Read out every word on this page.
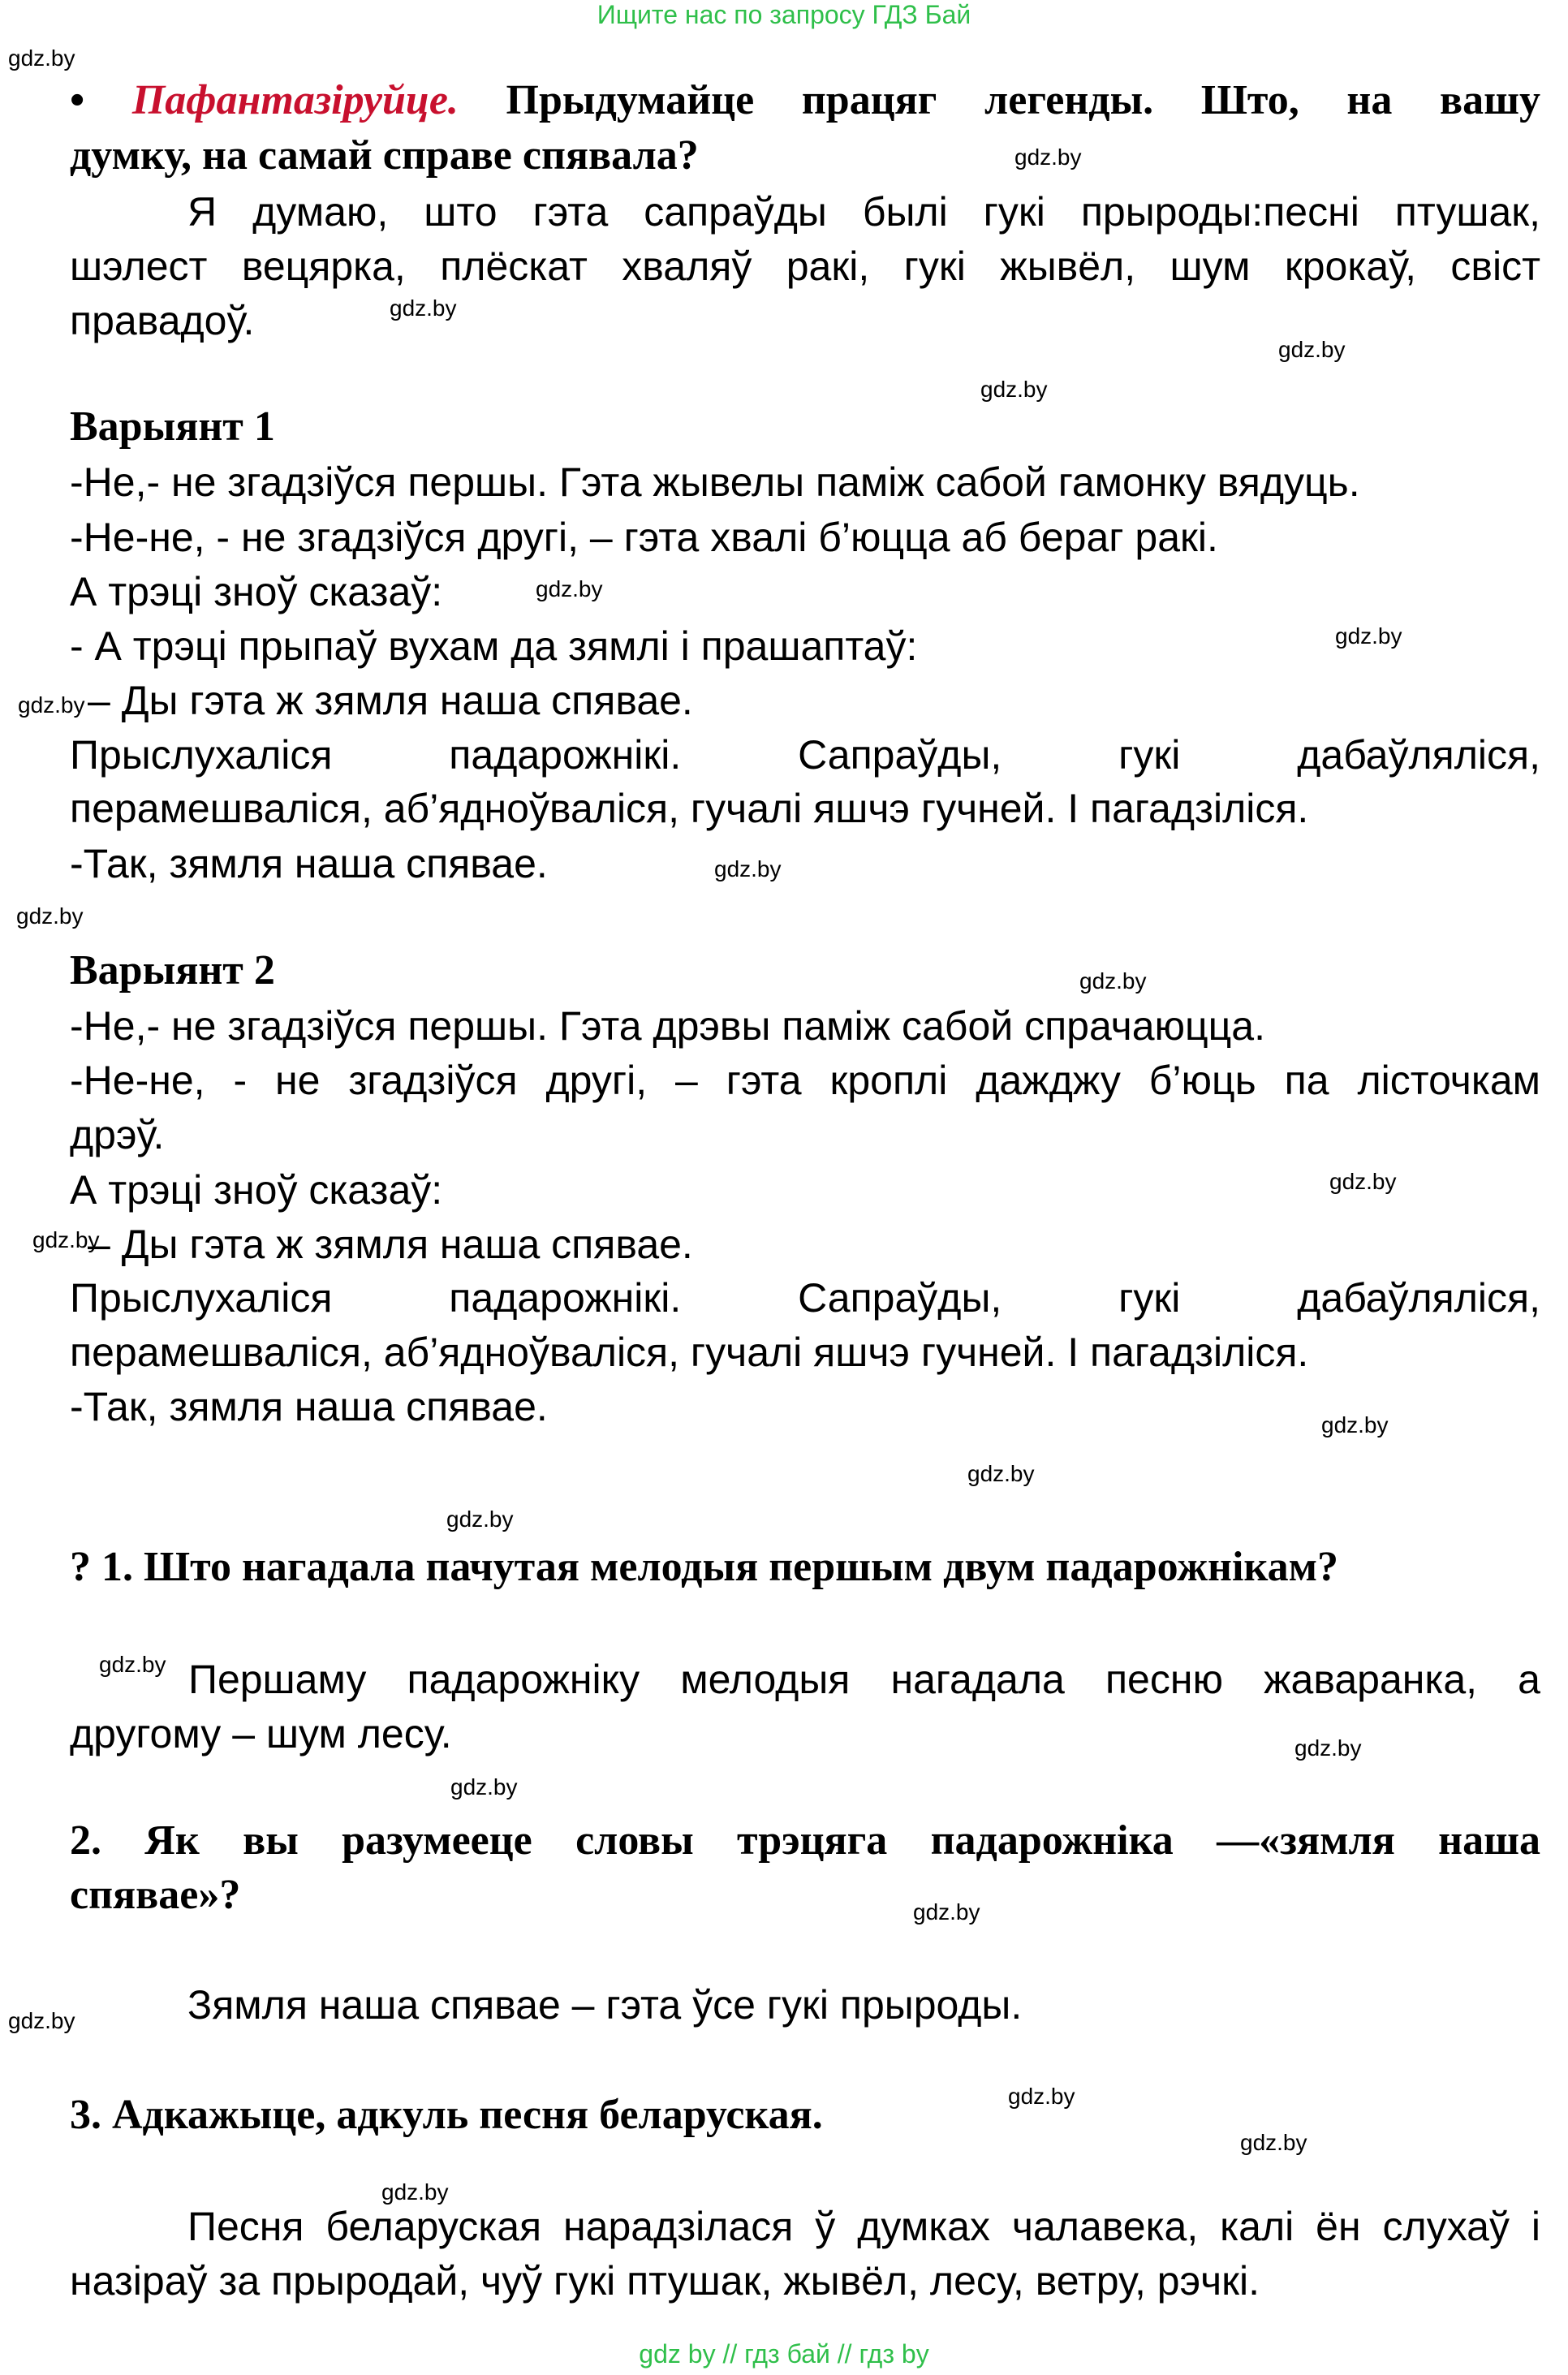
Ищите нас по запросу ГДЗ Бай
gdz.by
gdz.by
gdz.by
gdz.by
gdz.by
gdz.by
gdz.by
gdz.by
gdz.by
gdz.by
gdz.by
gdz.by
gdz.by
gdz.by
gdz.by
gdz.by
gdz.by
gdz.by
gdz.by
gdz.by
gdz.by
gdz.by
gdz.by
gdz.by
• Пафантазіруйце. Прыдумайце працяг легенды. Што, на вашу
думку, на самай справе спявала?
Я думаю, што гэта сапраўды былі гукі прыроды:песні птушак,
шэлест вецярка, плёскат хваляў ракі, гукі жывёл, шум крокаў, свіст
правадоў.
Варыянт 1
-Не,- не згадзіўся першы. Гэта жывелы паміж сабой гамонку вядуць.
-Не-не, - не згадзіўся другі, – гэта хвалі б’юцца аб бераг ракі.
А трэці зноў сказаў:
- А трэці прыпаў вухам да зямлі і прашаптаў:
– Ды гэта ж зямля наша спявае.
Прыслухаліся падарожнікі. Сапраўды, гукі дабаўляліся,
перамешваліся, аб’ядноўваліся, гучалі яшчэ гучней. І пагадзіліся.
-Так, зямля наша спявае.
Варыянт 2
-Не,- не згадзіўся першы. Гэта дрэвы паміж сабой спрачаюцца.
-Не-не, - не згадзіўся другі, – гэта кроплі дажджу б’юць па лісточкам
дрэў.
А трэці зноў сказаў:
– Ды гэта ж зямля наша спявае.
Прыслухаліся падарожнікі. Сапраўды, гукі дабаўляліся,
перамешваліся, аб’ядноўваліся, гучалі яшчэ гучней. І пагадзіліся.
-Так, зямля наша спявае.
? 1. Што нагадала пачутая мелодыя першым двум падарожнікам?
Першаму падарожніку мелодыя нагадала песню жаваранка, а
другому – шум лесу.
2. Як вы разумееце словы трэцяга падарожніка —«зямля наша
спявае»?
Зямля наша спявае – гэта ўсе гукі прыроды.
3. Адкажыце, адкуль песня беларуская.
Песня беларуская нарадзілася ў думках чалавека, калі ён слухаў і
назіраў за прыродай, чуў гукі птушак, жывёл, лесу, ветру, рэчкі.
gdz by // гдз бай // гдз by
